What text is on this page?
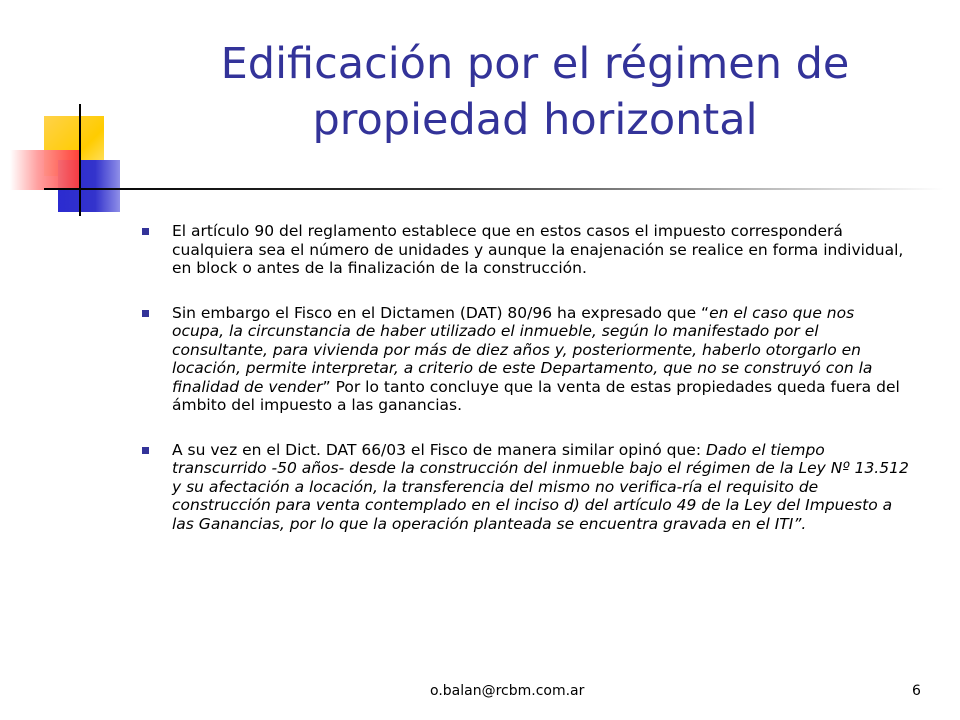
Edificación por el régimen de propiedad horizontal
El artículo 90 del reglamento establece que en estos casos el impuesto corresponderá cualquiera sea el número de unidades y aunque la enajenación se realice en forma individual, en block o antes de la finalización de la construcción.
Sin embargo el Fisco en el Dictamen (DAT) 80/96 ha expresado que “en el caso que nos ocupa, la circunstancia de haber utilizado el inmueble, según lo manifestado por el consultante, para vivienda por más de diez años y, posteriormente, haberlo otorgarlo en locación, permite interpretar, a criterio de este Departamento, que no se construyó con la finalidad de vender” Por lo tanto concluye que la venta de estas propiedades queda fuera del ámbito del impuesto a las ganancias.
A su vez en el Dict. DAT 66/03 el Fisco de manera similar opinó que: Dado el tiempo transcurrido -50 años- desde la construcción del inmueble bajo el régimen de la Ley Nº 13.512 y su afectación a locación, la transferencia del mismo no verifica-ría el requisito de construcción para venta contemplado en el inciso d) del artículo 49 de la Ley del Impuesto a las Ganancias, por lo que la operación planteada se encuentra gravada en el ITI”.
o.balan@rcbm.com.ar	6
